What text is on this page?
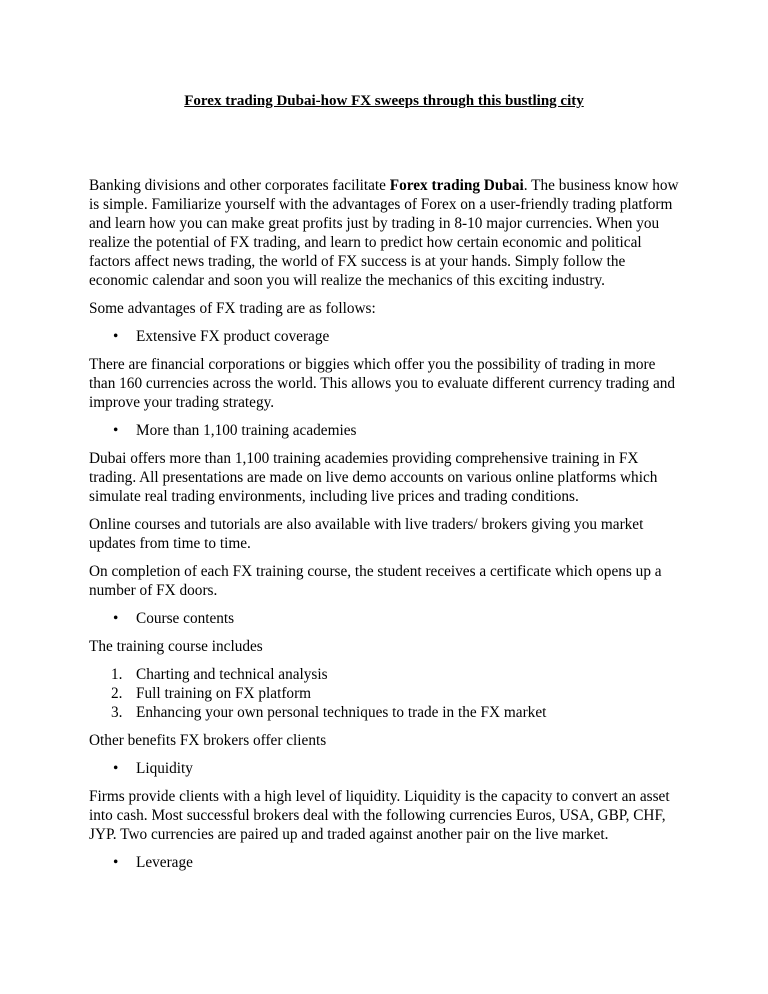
Forex trading Dubai-how FX sweeps through this bustling city

Banking divisions and other corporates facilitate Forex trading Dubai. The business know how is simple. Familiarize yourself with the advantages of Forex on a user-friendly trading platform and learn how you can make great profits just by trading in 8-10 major currencies. When you realize the potential of FX trading, and learn to predict how certain economic and political factors affect news trading, the world of FX success is at your hands. Simply follow the economic calendar and soon you will realize the mechanics of this exciting industry.

Some advantages of FX trading are as follows:

• Extensive FX product coverage

There are financial corporations or biggies which offer you the possibility of trading in more than 160 currencies across the world. This allows you to evaluate different currency trading and improve your trading strategy.

• More than 1,100 training academies

Dubai offers more than 1,100 training academies providing comprehensive training in FX trading. All presentations are made on live demo accounts on various online platforms which simulate real trading environments, including live prices and trading conditions.

Online courses and tutorials are also available with live traders/ brokers giving you market updates from time to time.

On completion of each FX training course, the student receives a certificate which opens up a number of FX doors.

• Course contents

The training course includes

1. Charting and technical analysis
2. Full training on FX platform
3. Enhancing your own personal techniques to trade in the FX market

Other benefits FX brokers offer clients

• Liquidity

Firms provide clients with a high level of liquidity. Liquidity is the capacity to convert an asset into cash. Most successful brokers deal with the following currencies Euros, USA, GBP, CHF, JYP. Two currencies are paired up and traded against another pair on the live market.

• Leverage
